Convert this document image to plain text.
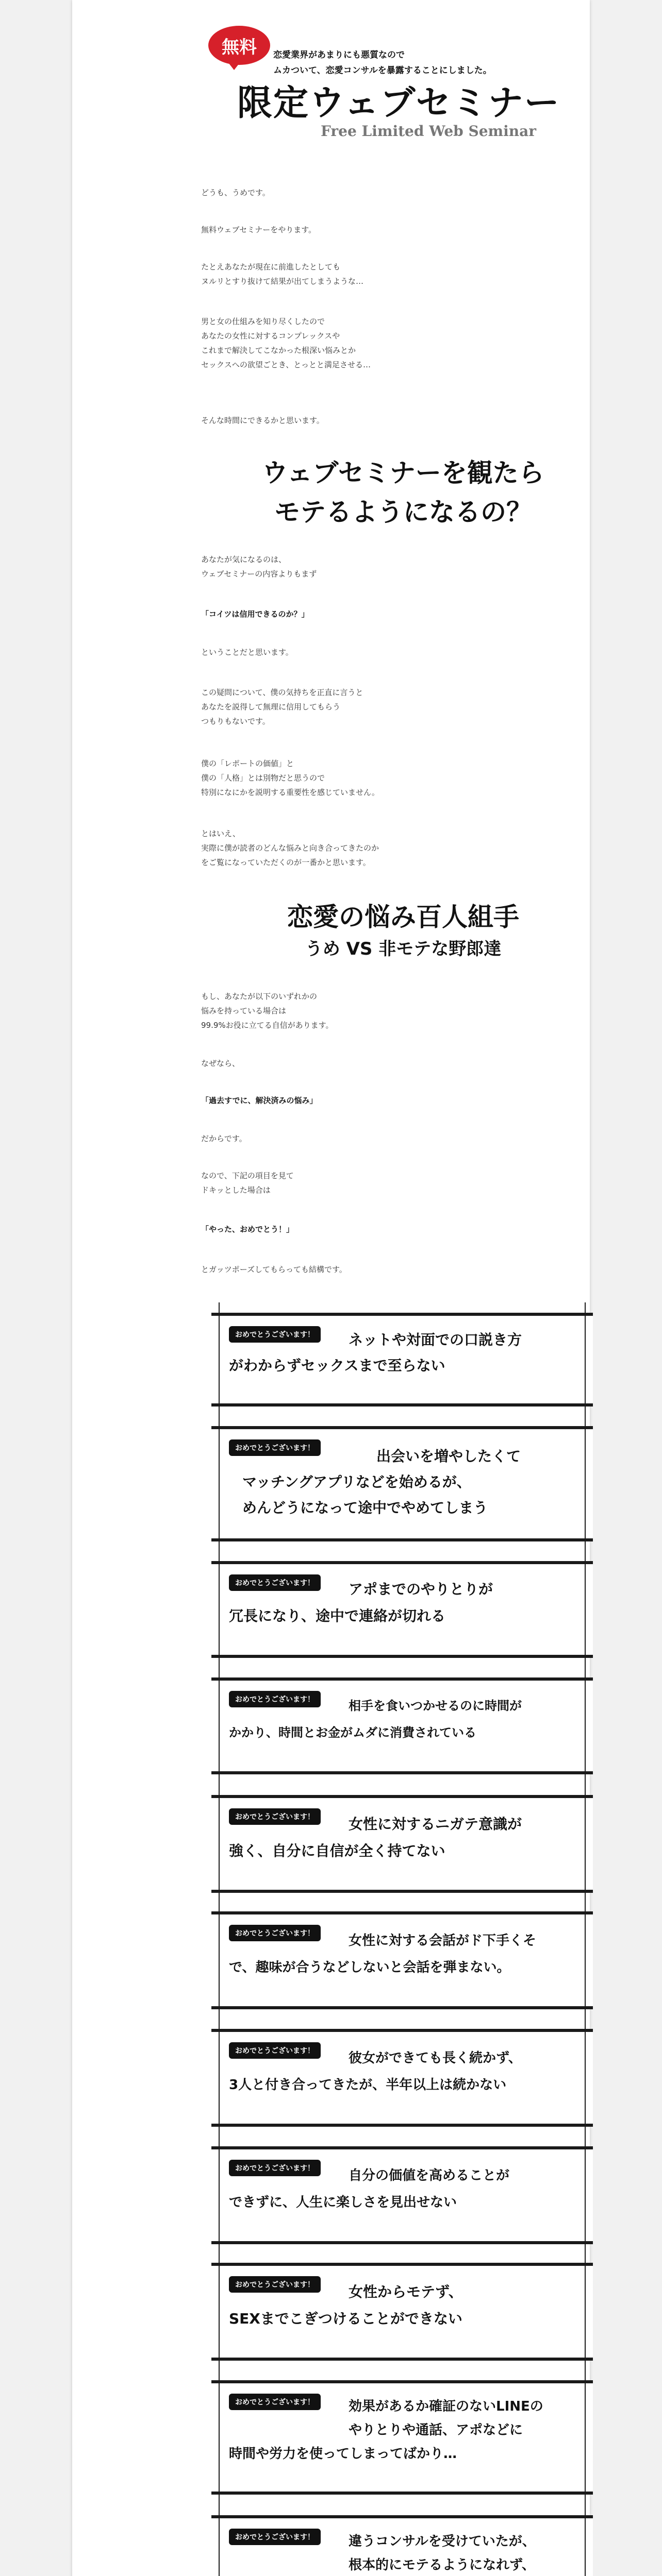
無料 恋愛業界があまりにも悪質なので
ムカついて、恋愛コンサルを暴露することにしました。
限定ウェブセミナー
Free Limited Web Seminar
どうも、うめです。
無料ウェブセミナーをやります。
たとえあなたが現在に前進したとしても
ヌルリとすり抜けて結果が出てしまうような…
男と女の仕組みを知り尽くしたので
あなたの女性に対するコンプレックスや
これまで解決してこなかった根深い悩みとか
セックスへの欲望ごとき、とっとと満足させる…
そんな時間にできるかと思います。
ウェブセミナーを観たら
モテるようになるの？
あなたが気になるのは、
ウェブセミナーの内容よりもまず
「コイツは信用できるのか？」
ということだと思います。
この疑問について、僕の気持ちを正直に言うと
あなたを説得して無理に信用してもらう
つもりもないです。
僕の「レポートの価値」と
僕の「人格」とは別物だと思うので
特別になにかを説明する重要性を感じていません。
とはいえ、
実際に僕が読者のどんな悩みと向き合ってきたのか
をご覧になっていただくのが一番かと思います。
恋愛の悩み百人組手
うめ VS 非モテな野郎達
もし、あなたが以下のいずれかの
悩みを持っている場合は
99.9%お役に立てる自信があります。
なぜなら、
「過去すでに、解決済みの悩み」
だからです。
なので、下記の項目を見て
ドキッとした場合は
「やった、おめでとう！」
とガッツポーズしてもらっても結構です。
おめでとうございます！	ネットや対面での口説き方
がわからずセックスまで至らない
おめでとうございます！	出会いを増やしたくて
マッチングアプリなどを始めるが、
めんどうになって途中でやめてしまう
おめでとうございます！	アポまでのやりとりが
冗長になり、途中で連絡が切れる
おめでとうございます！	相手を食いつかせるのに時間が
かかり、時間とお金がムダに消費されている
おめでとうございます！	女性に対するニガテ意識が
強く、自分に自信が全く持てない
おめでとうございます！	女性に対する会話がド下手くそ
で、趣味が合うなどしないと会話を弾まない。
おめでとうございます！	彼女ができても長く続かず、
3人と付き合ってきたが、半年以上は続かない
おめでとうございます！	自分の価値を高めることが
できずに、人生に楽しさを見出せない
おめでとうございます！	女性からモテず、
SEXまでこぎつけることができない
おめでとうございます！	効果があるか確証のないLINEの
やりとりや通話、アポなどに
時間や労力を使ってしまってばかり…
おめでとうございます！	違うコンサルを受けていたが、
根本的にモテるようになれず、
